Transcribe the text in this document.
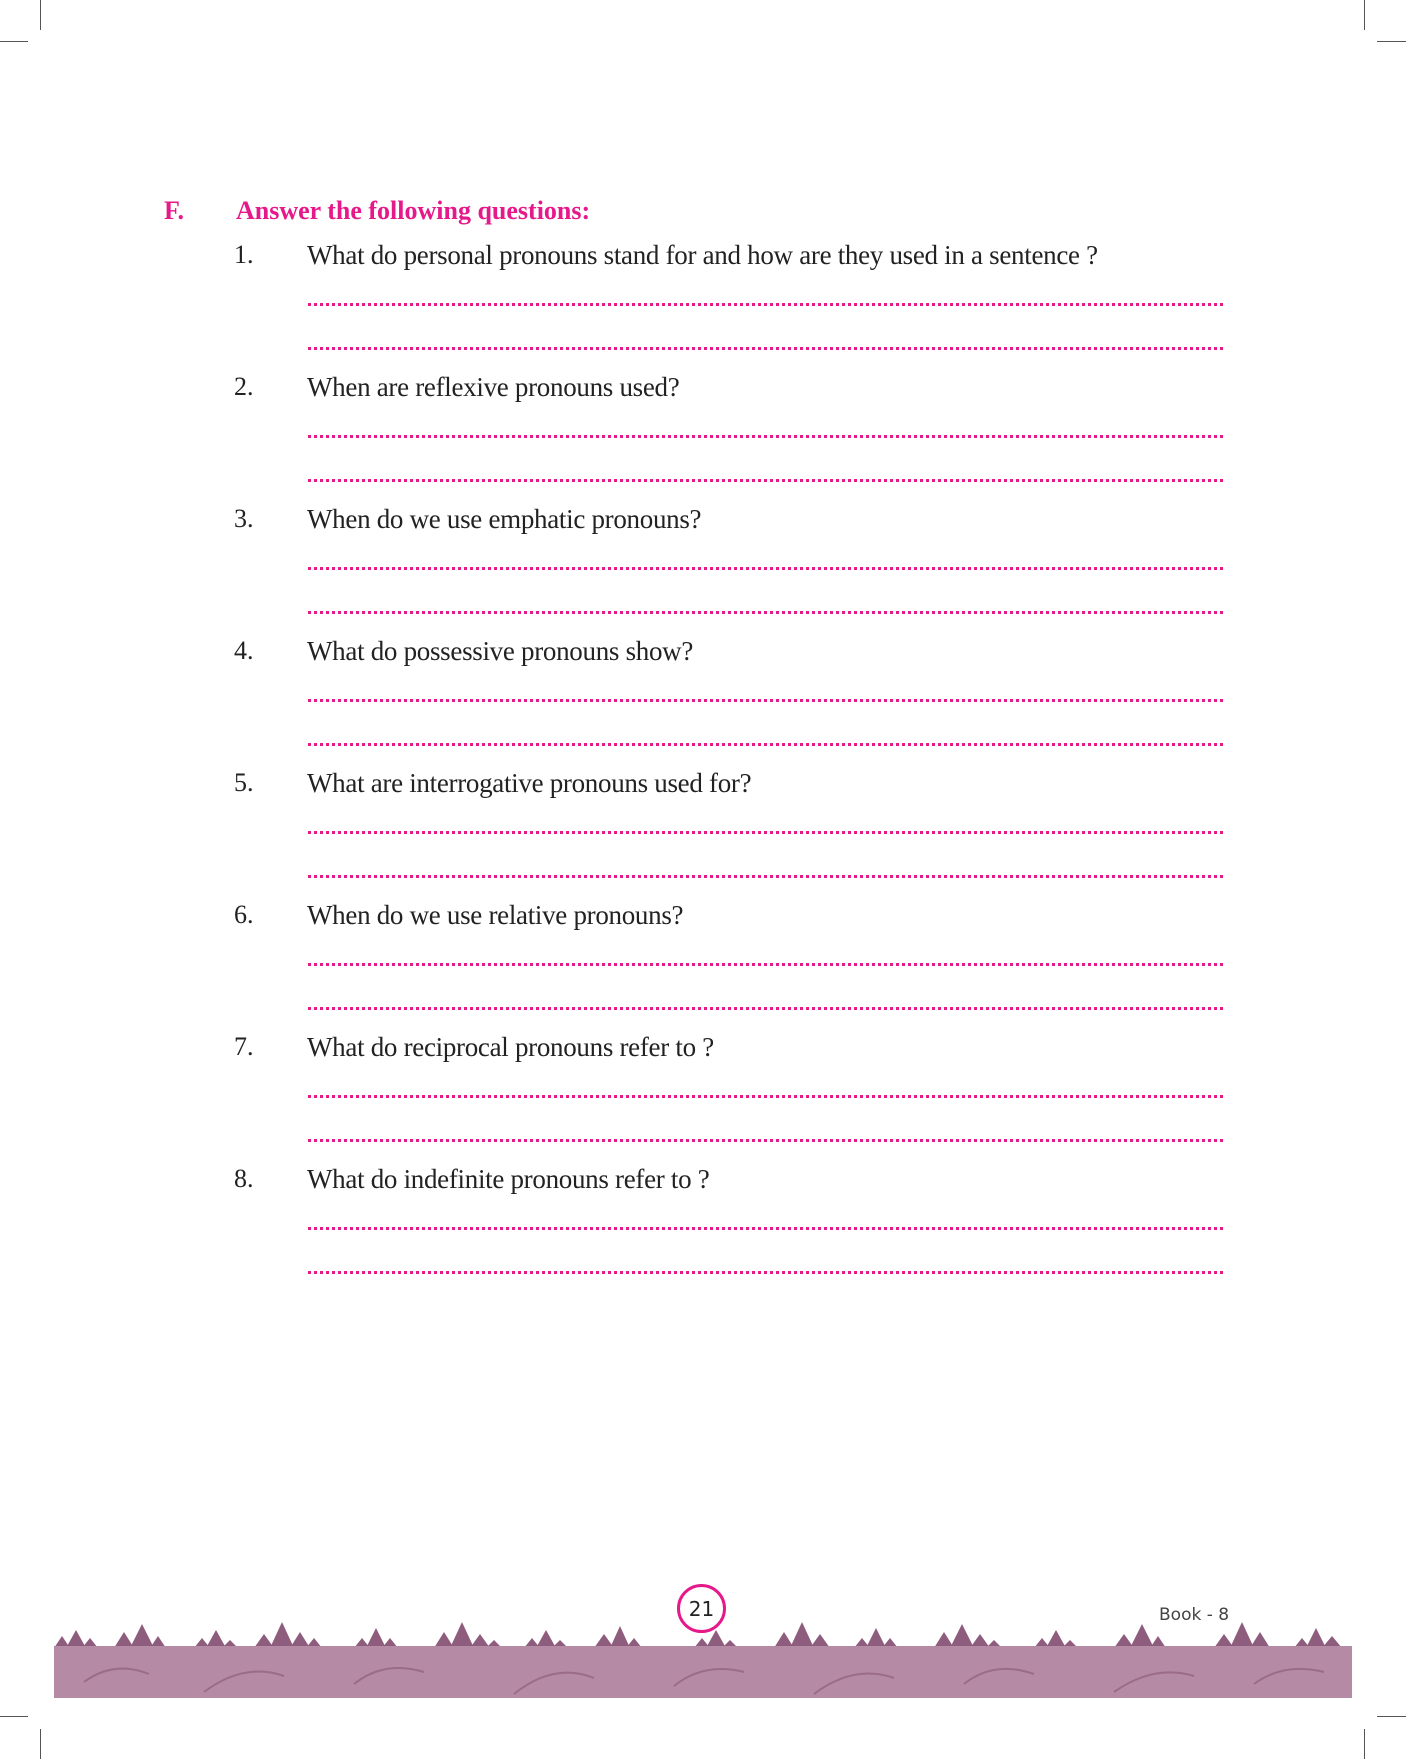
F. Answer the following questions:
1. What do personal pronouns stand for and how are they used in a sentence ?
2. When are reflexive pronouns used?
3. When do we use emphatic pronouns?
4. What do possessive pronouns show?
5. What are interrogative pronouns used for?
6. When do we use relative pronouns?
7. What do reciprocal pronouns refer to ?
8. What do indefinite pronouns refer to ?
21	Book - 8
